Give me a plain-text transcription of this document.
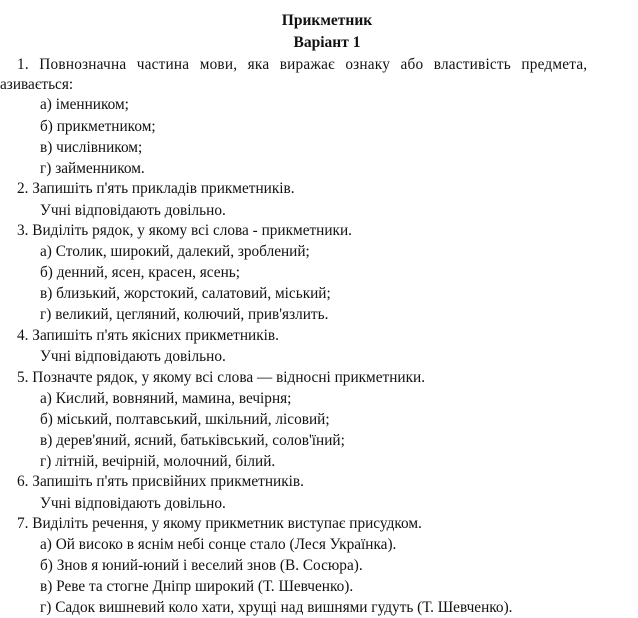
Прикметник
Варіант 1

1. Повнозначна частина мови, яка виражає ознаку або властивість предмета,

азивається:

а) іменником;

б) прикметником;

в) числівником;

г) займенником.

2. Запишіть п'ять прикладів прикметників.

Учні відповідають довільно.

3. Виділіть рядок, у якому всі слова - прикметники.

а) Столик, широкий, далекий, зроблений;

б) денний, ясен, красен, ясень;

в) близький, жорстокий, салатовий, міський;

г) великий, цегляний, колючий, прив'язлить.

4. Запишіть п'ять якісних прикметників.

Учні відповідають довільно.

5. Позначте рядок, у якому всі слова — відносні прикметники.

а) Кислий, вовняний, мамина, вечірня;

б) міський, полтавський, шкільний, лісовий;

в) дерев'яний, ясний, батьківський, солов'їний;

г) літній, вечірній, молочний, білий.

6. Запишіть п'ять присвійних прикметників.

Учні відповідають довільно.

7. Виділіть речення, у якому прикметник виступає присудком.

а) Ой високо в яснім небі сонце стало (Леся Українка).

б) Знов я юний-юний і веселий знов (В. Сосюра).

в) Реве та стогне Дніпр широкий (Т. Шевченко).

г) Садок вишневий коло хати, хрущі над вишнями гудуть (Т. Шевченко).
